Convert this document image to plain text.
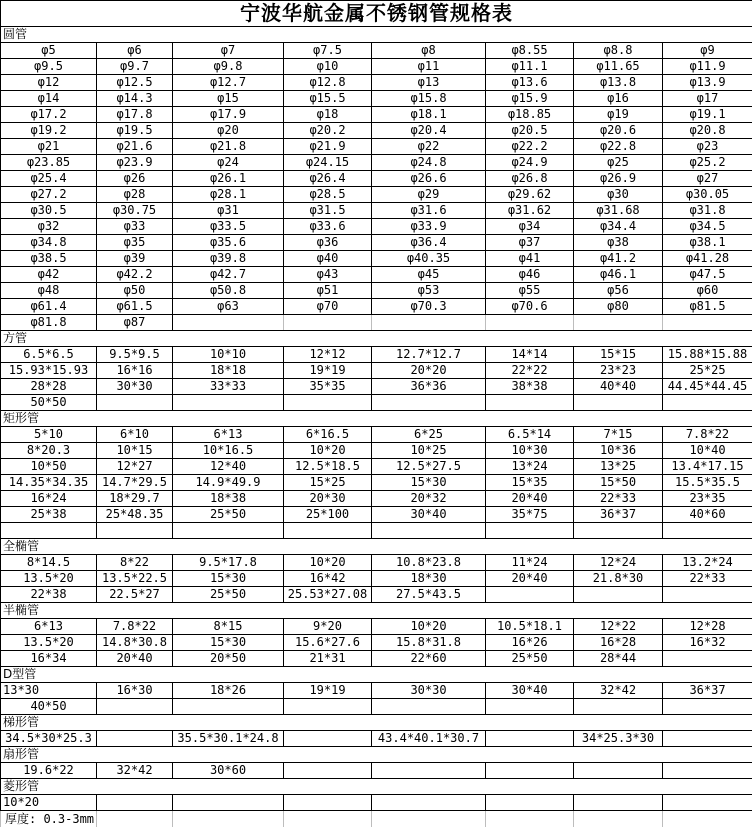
宁波华航金属不锈钢管规格表							
圆管							
φ5	φ6	φ7	φ7.5	φ8	φ8.55	φ8.8	φ9
φ9.5	φ9.7	φ9.8	φ10	φ11	φ11.1	φ11.65	φ11.9
φ12	φ12.5	φ12.7	φ12.8	φ13	φ13.6	φ13.8	φ13.9
φ14	φ14.3	φ15	φ15.5	φ15.8	φ15.9	φ16	φ17
φ17.2	φ17.8	φ17.9	φ18	φ18.1	φ18.85	φ19	φ19.1
φ19.2	φ19.5	φ20	φ20.2	φ20.4	φ20.5	φ20.6	φ20.8
φ21	φ21.6	φ21.8	φ21.9	φ22	φ22.2	φ22.8	φ23
φ23.85	φ23.9	φ24	φ24.15	φ24.8	φ24.9	φ25	φ25.2
φ25.4	φ26	φ26.1	φ26.4	φ26.6	φ26.8	φ26.9	φ27
φ27.2	φ28	φ28.1	φ28.5	φ29	φ29.62	φ30	φ30.05
φ30.5	φ30.75	φ31	φ31.5	φ31.6	φ31.62	φ31.68	φ31.8
φ32	φ33	φ33.5	φ33.6	φ33.9	φ34	φ34.4	φ34.5
φ34.8	φ35	φ35.6	φ36	φ36.4	φ37	φ38	φ38.1
φ38.5	φ39	φ39.8	φ40	φ40.35	φ41	φ41.2	φ41.28
φ42	φ42.2	φ42.7	φ43	φ45	φ46	φ46.1	φ47.5
φ48	φ50	φ50.8	φ51	φ53	φ55	φ56	φ60
φ61.4	φ61.5	φ63	φ70	φ70.3	φ70.6	φ80	φ81.5
φ81.8	φ87						
方管							
6.5*6.5	9.5*9.5	10*10	12*12	12.7*12.7	14*14	15*15	15.88*15.88
15.93*15.93	16*16	18*18	19*19	20*20	22*22	23*23	25*25
28*28	30*30	33*33	35*35	36*36	38*38	40*40	44.45*44.45
50*50							
矩形管							
5*10	6*10	6*13	6*16.5	6*25	6.5*14	7*15	7.8*22
8*20.3	10*15	10*16.5	10*20	10*25	10*30	10*36	10*40
10*50	12*27	12*40	12.5*18.5	12.5*27.5	13*24	13*25	13.4*17.15
14.35*34.35	14.7*29.5	14.9*49.9	15*25	15*30	15*35	15*50	15.5*35.5
16*24	18*29.7	18*38	20*30	20*32	20*40	22*33	23*35
25*38	25*48.35	25*50	25*100	30*40	35*75	36*37	40*60

全椭管							
8*14.5	8*22	9.5*17.8	10*20	10.8*23.8	11*24	12*24	13.2*24
13.5*20	13.5*22.5	15*30	16*42	18*30	20*40	21.8*30	22*33
22*38	22.5*27	25*50	25.53*27.08	27.5*43.5			
半椭管							
6*13	7.8*22	8*15	9*20	10*20	10.5*18.1	12*22	12*28
13.5*20	14.8*30.8	15*30	15.6*27.6	15.8*31.8	16*26	16*28	16*32
16*34	20*40	20*50	21*31	22*60	25*50	28*44	
D型管							
13*30	16*30	18*26	19*19	30*30	30*40	32*42	36*37
40*50							
梯形管							
34.5*30*25.3		35.5*30.1*24.8		43.4*40.1*30.7		34*25.3*30	
扇形管							
19.6*22	32*42	30*60					
菱形管							
10*20							
厚度: 0.3-3mm							
